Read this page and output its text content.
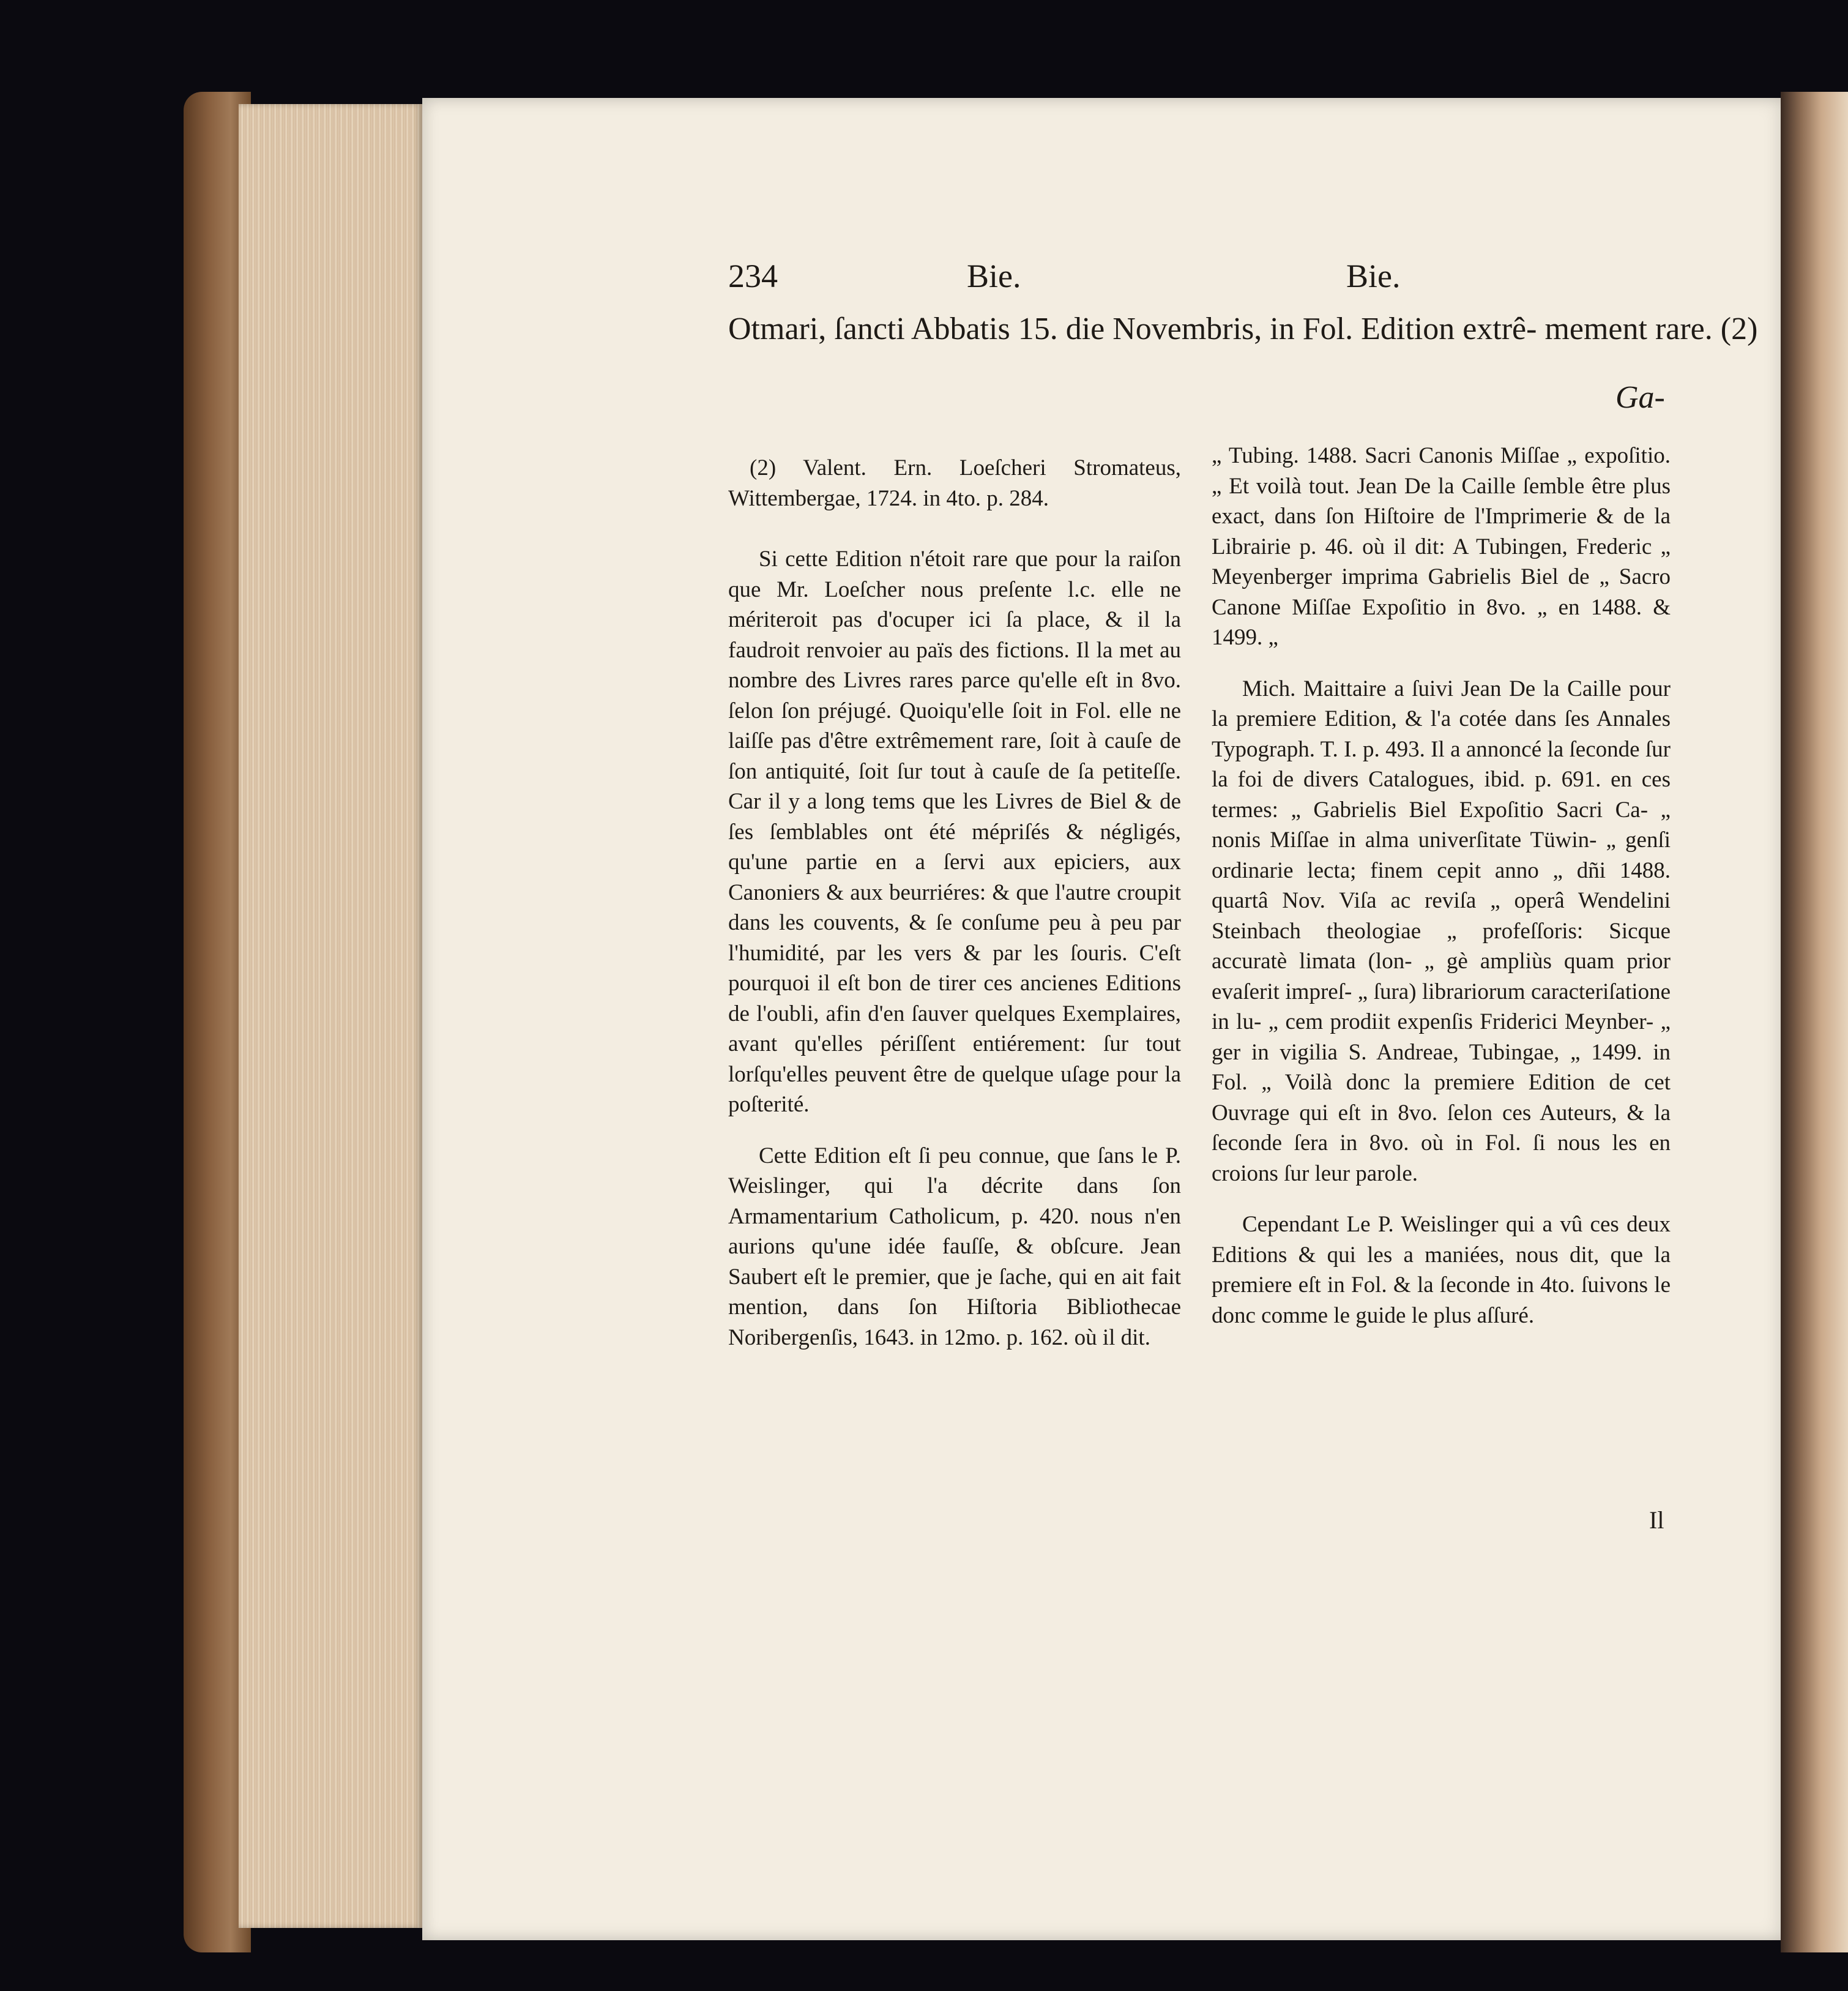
234	Bie.	Bie.
Otmari, ſancti Abbatis 15. die Novembris, in Fol. Edition extrê- mement rare. (2)
Ga-

(2) Valent. Ern. Loeſcheri Stromateus, Wittembergae, 1724. in 4to. p. 284.

Si cette Edition n'étoit rare que pour la raiſon que Mr. Loeſcher nous preſente l.c. elle ne mériteroit pas d'ocuper ici ſa place, & il la faudroit renvoier au païs des fictions. Il la met au nombre des Livres rares parce qu'elle eſt in 8vo. ſelon ſon préjugé. Quoiqu'elle ſoit in Fol. elle ne laiſſe pas d'être extrêmement rare, ſoit à cauſe de ſon antiquité, ſoit ſur tout à cauſe de ſa petiteſſe. Car il y a long tems que les Livres de Biel & de ſes ſemblables ont été mépriſés & négligés, qu'une partie en a ſervi aux epiciers, aux Canoniers & aux beurriéres: & que l'autre croupit dans les couvents, & ſe conſume peu à peu par l'humidité, par les vers & par les ſouris. C'eſt pourquoi il eſt bon de tirer ces ancienes Editions de l'oubli, afin d'en ſauver quelques Exemplaires, avant qu'elles périſſent entiérement: ſur tout lorſqu'elles peuvent être de quelque uſage pour la poſterité.

Cette Edition eſt ſi peu connue, que ſans le P. Weislinger, qui l'a décrite dans ſon Armamentarium Catholicum, p. 420. nous n'en aurions qu'une idée fauſſe, & obſcure. Jean Saubert eſt le premier, que je ſache, qui en ait fait mention, dans ſon Hiſtoria Bibliothecae Noribergenſis, 1643. in 12mo. p. 162. où il dit.

„ Tubing. 1488. Sacri Canonis Miſſae „ expoſitio. „ Et voilà tout. Jean De la Caille ſemble être plus exact, dans ſon Hiſtoire de l'Imprimerie & de la Librairie p. 46. où il dit: A Tubingen, Frederic „ Meyenberger imprima Gabrielis Biel de „ Sacro Canone Miſſae Expoſitio in 8vo. „ en 1488. & 1499. „

Mich. Maittaire a ſuivi Jean De la Caille pour la premiere Edition, & l'a cotée dans ſes Annales Typograph. T. I. p. 493. Il a annoncé la ſeconde ſur la foi de divers Catalogues, ibid. p. 691. en ces termes: „ Gabrielis Biel Expoſitio Sacri Ca- „ nonis Miſſae in alma univerſitate Tüwin- „ genſi ordinarie lecta; finem cepit anno „ dñi 1488. quartâ Nov. Viſa ac reviſa „ operâ Wendelini Steinbach theologiae „ profeſſoris: Sicque accuratè limata (lon- „ gè ampliùs quam prior evaſerit impreſ- „ ſura) librariorum caracteriſatione in lu- „ cem prodiit expenſis Friderici Meynber- „ ger in vigilia S. Andreae, Tubingae, „ 1499. in Fol. „ Voilà donc la premiere Edition de cet Ouvrage qui eſt in 8vo. ſelon ces Auteurs, & la ſeconde ſera in 8vo. où in Fol. ſi nous les en croions ſur leur parole.

Cependant Le P. Weislinger qui a vû ces deux Editions & qui les a maniées, nous dit, que la premiere eſt in Fol. & la ſeconde in 4to. ſuivons le donc comme le guide le plus aſſuré.

Il
